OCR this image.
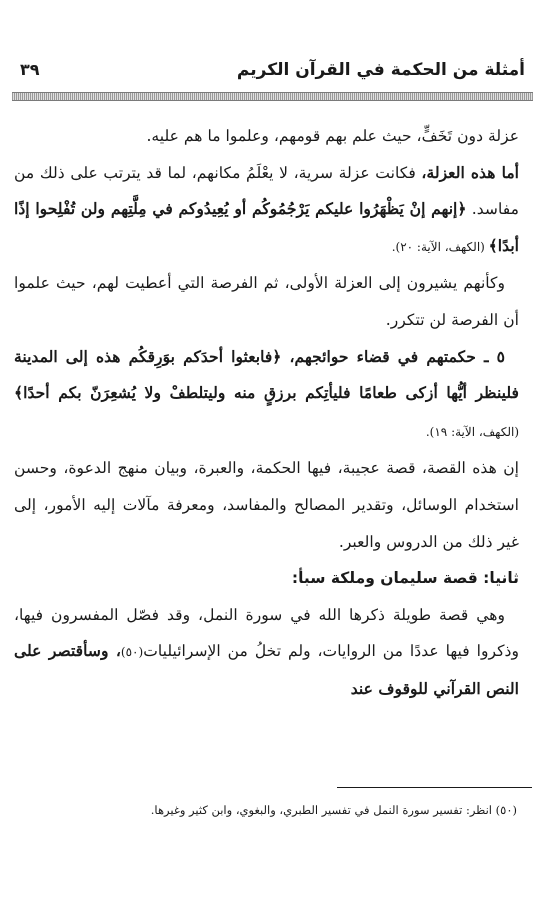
أمثلة من الحكمة في القرآن الكريم
٣٩

عزلة دون تَخَفٍّ، حيث علم بهم قومهم، وعلموا ما هم عليه.

أما هذه العزلة، فكانت عزلة سرية، لا يعْلَمُ مكانهم، لما قد يترتب على ذلك من مفاسد. ﴿إنهم إنْ يَظْهَرُوا عليكم يَرْجُمُوكُم أو يُعِيدُوكم في مِلَّتِهم ولن تُفْلِحوا إذًا أبدًا﴾ (الكهف، الآية: ٢٠).

وكأنهم يشيرون إلى العزلة الأولى، ثم الفرصة التي أعطيت لهم، حيث علموا أن الفرصة لن تتكرر.

٥ ـ حكمتهم في قضاء حوائجهم، ﴿فابعثوا أحدَكم بوَرِقكُم هذه إلى المدينة فلينظر أيُّها أزكى طعامًا فليأتِكم برزقٍ منه وليتلطفْ ولا يُشعِرَنّ بكم أحدًا﴾ (الكهف، الآية: ١٩).

إن هذه القصة، قصة عجيبة، فيها الحكمة، والعبرة، وبيان منهج الدعوة، وحسن استخدام الوسائل، وتقدير المصالح والمفاسد، ومعرفة مآلات إليه الأمور، إلى غير ذلك من الدروس والعبر.

ثانيا: قصة سليمان وملكة سبأ:

وهي قصة طويلة ذكرها الله في سورة النمل، وقد فصّل المفسرون فيها، وذكروا فيها عددًا من الروايات، ولم تخلُ من الإسرائيليات(٥٠)، وسأقتصر على النص القرآني للوقوف عند

(٥٠) انظر: تفسير سورة النمل في تفسير الطبري، والبغوي، وابن كثير وغيرها.
